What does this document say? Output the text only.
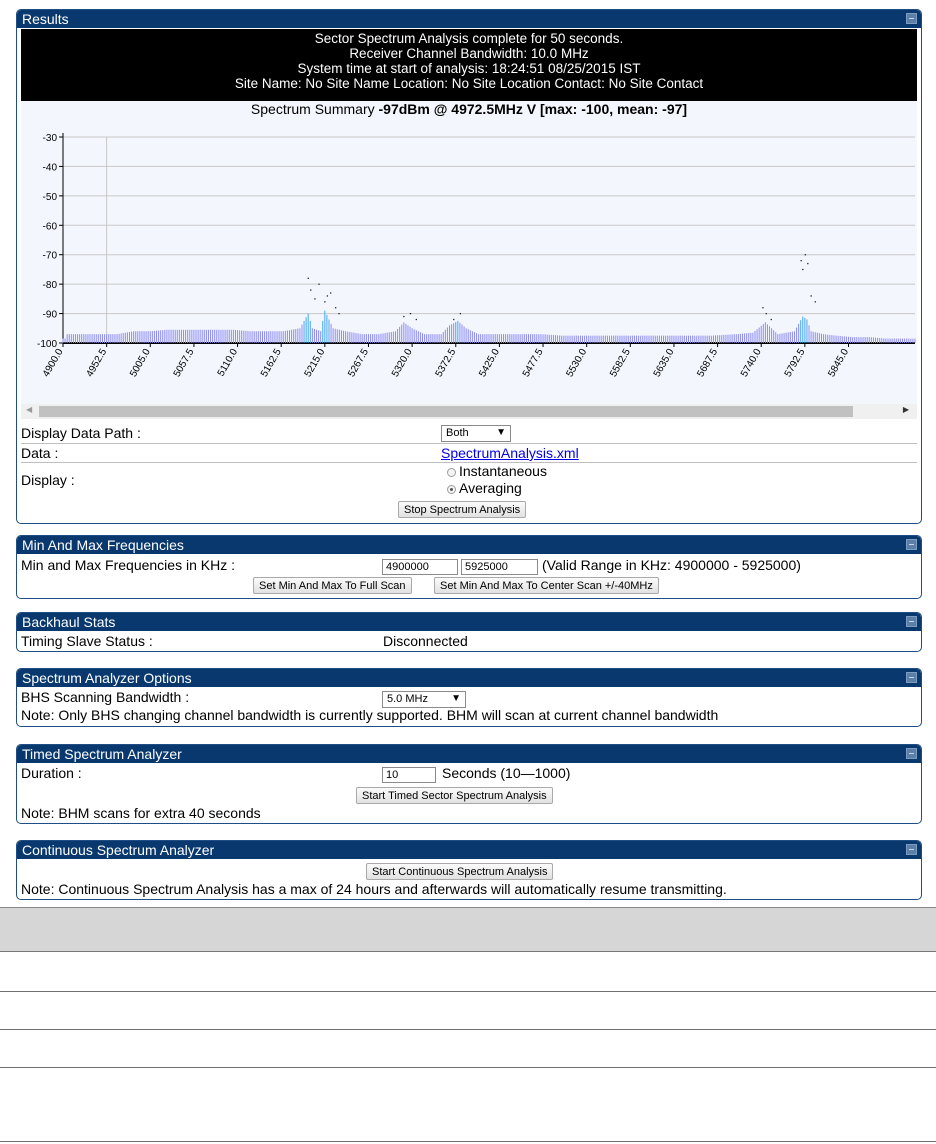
Results
Sector Spectrum Analysis complete for 50 seconds.
Receiver Channel Bandwidth: 10.0 MHz
System time at start of analysis: 18:24:51 08/25/2015 IST
Site Name: No Site Name Location: No Site Location Contact: No Site Contact
Spectrum Summary -97dBm @ 4972.5MHz V [max: -100, mean: -97]
-30
-40
-50
-60
-70
-80
-90
-100
4900.0 4952.5 5005.0 5057.5 5110.0 5162.5 5215.0 5267.5 5320.0 5372.5 5425.0 5477.5 5530.0 5582.5 5635.0 5687.5 5740.0 5792.5 5845.0
◀	▶
Display Data Path :	Both	▼
Data :	SpectrumAnalysis.xml
Display :
Instantaneous
Averaging
Stop Spectrum Analysis
Min And Max Frequencies
Min and Max Frequencies in KHz :
4900000
5925000	(Valid Range in KHz: 4900000 - 5925000)
Set Min And Max To Full Scan	Set Min And Max To Center Scan +/-40MHz
Backhaul Stats
Timing Slave Status :	Disconnected
Spectrum Analyzer Options
BHS Scanning Bandwidth :	5.0 MHz ▼
Note: Only BHS changing channel bandwidth is currently supported. BHM will scan at current channel bandwidth
Timed Spectrum Analyzer
Duration :
10	Seconds (10—1000)
Start Timed Sector Spectrum Analysis
Note: BHM scans for extra 40 seconds
Continuous Spectrum Analyzer
Start Continuous Spectrum Analysis
Note: Continuous Spectrum Analysis has a max of 24 hours and afterwards will automatically resume transmitting.
